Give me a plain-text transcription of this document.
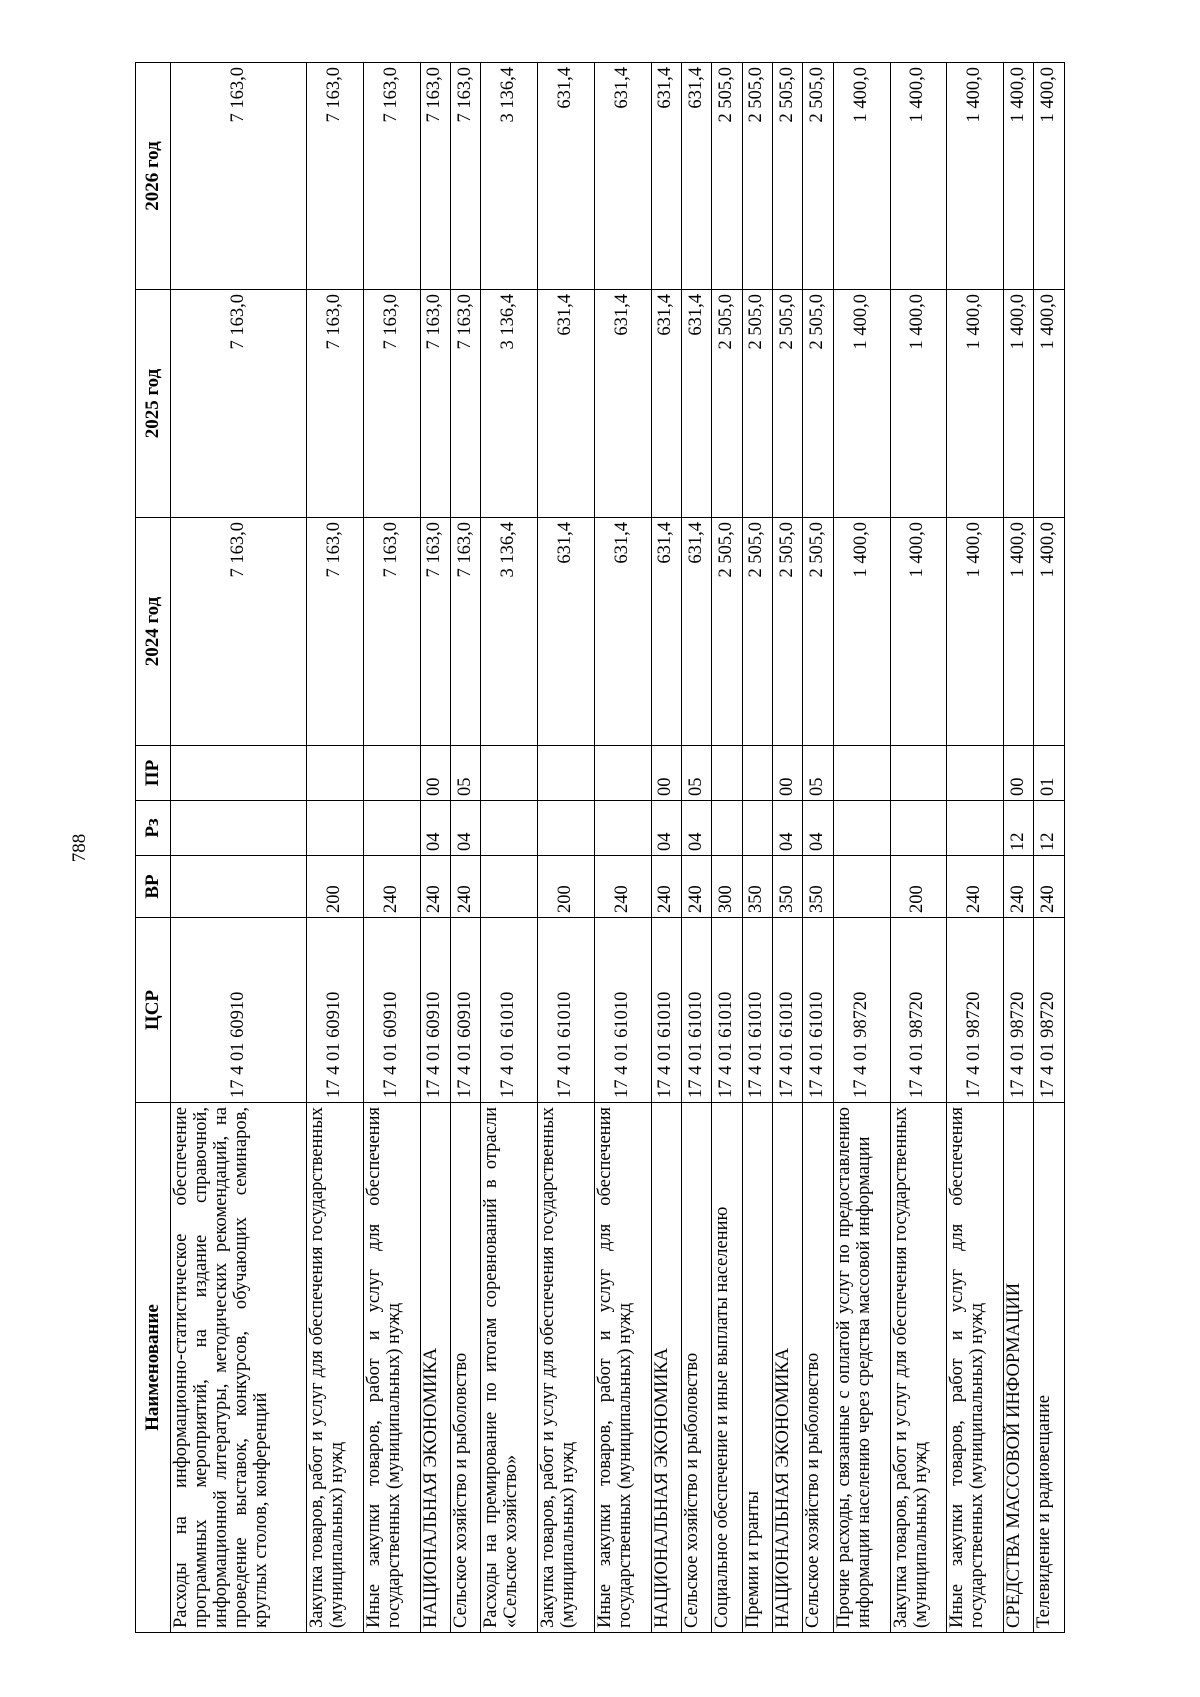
788
Наименование	ЦСР	ВР	Рз	ПР	2024 год	2025 год	2026 год
Расходы на информационно-статистическое обеспечение программных мероприятий, на издание справочной, информационной литературы, методических рекомендаций, на проведение выставок, конкурсов, обучающих семинаров, круглых столов, конференций	17 4 01 60910				7 163,0	7 163,0	7 163,0
Закупка товаров, работ и услуг для обеспечения государственных (муниципальных) нужд	17 4 01 60910	200			7 163,0	7 163,0	7 163,0
Иные закупки товаров, работ и услуг для обеспечения государственных (муниципальных) нужд	17 4 01 60910	240			7 163,0	7 163,0	7 163,0
НАЦИОНАЛЬНАЯ ЭКОНОМИКА	17 4 01 60910	240	04	00	7 163,0	7 163,0	7 163,0
Сельское хозяйство и рыболовство	17 4 01 60910	240	04	05	7 163,0	7 163,0	7 163,0
Расходы на премирование по итогам соревнований в отрасли «Сельское хозяйство»	17 4 01 61010				3 136,4	3 136,4	3 136,4
Закупка товаров, работ и услуг для обеспечения государственных (муниципальных) нужд	17 4 01 61010	200			631,4	631,4	631,4
Иные закупки товаров, работ и услуг для обеспечения государственных (муниципальных) нужд	17 4 01 61010	240			631,4	631,4	631,4
НАЦИОНАЛЬНАЯ ЭКОНОМИКА	17 4 01 61010	240	04	00	631,4	631,4	631,4
Сельское хозяйство и рыболовство	17 4 01 61010	240	04	05	631,4	631,4	631,4
Социальное обеспечение и иные выплаты населению	17 4 01 61010	300			2 505,0	2 505,0	2 505,0
Премии и гранты	17 4 01 61010	350			2 505,0	2 505,0	2 505,0
НАЦИОНАЛЬНАЯ ЭКОНОМИКА	17 4 01 61010	350	04	00	2 505,0	2 505,0	2 505,0
Сельское хозяйство и рыболовство	17 4 01 61010	350	04	05	2 505,0	2 505,0	2 505,0
Прочие расходы, связанные с оплатой услуг по предоставлению информации населению через средства массовой информации	17 4 01 98720				1 400,0	1 400,0	1 400,0
Закупка товаров, работ и услуг для обеспечения государственных (муниципальных) нужд	17 4 01 98720	200			1 400,0	1 400,0	1 400,0
Иные закупки товаров, работ и услуг для обеспечения государственных (муниципальных) нужд	17 4 01 98720	240			1 400,0	1 400,0	1 400,0
СРЕДСТВА МАССОВОЙ ИНФОРМАЦИИ	17 4 01 98720	240	12	00	1 400,0	1 400,0	1 400,0
Телевидение и радиовещание	17 4 01 98720	240	12	01	1 400,0	1 400,0	1 400,0
